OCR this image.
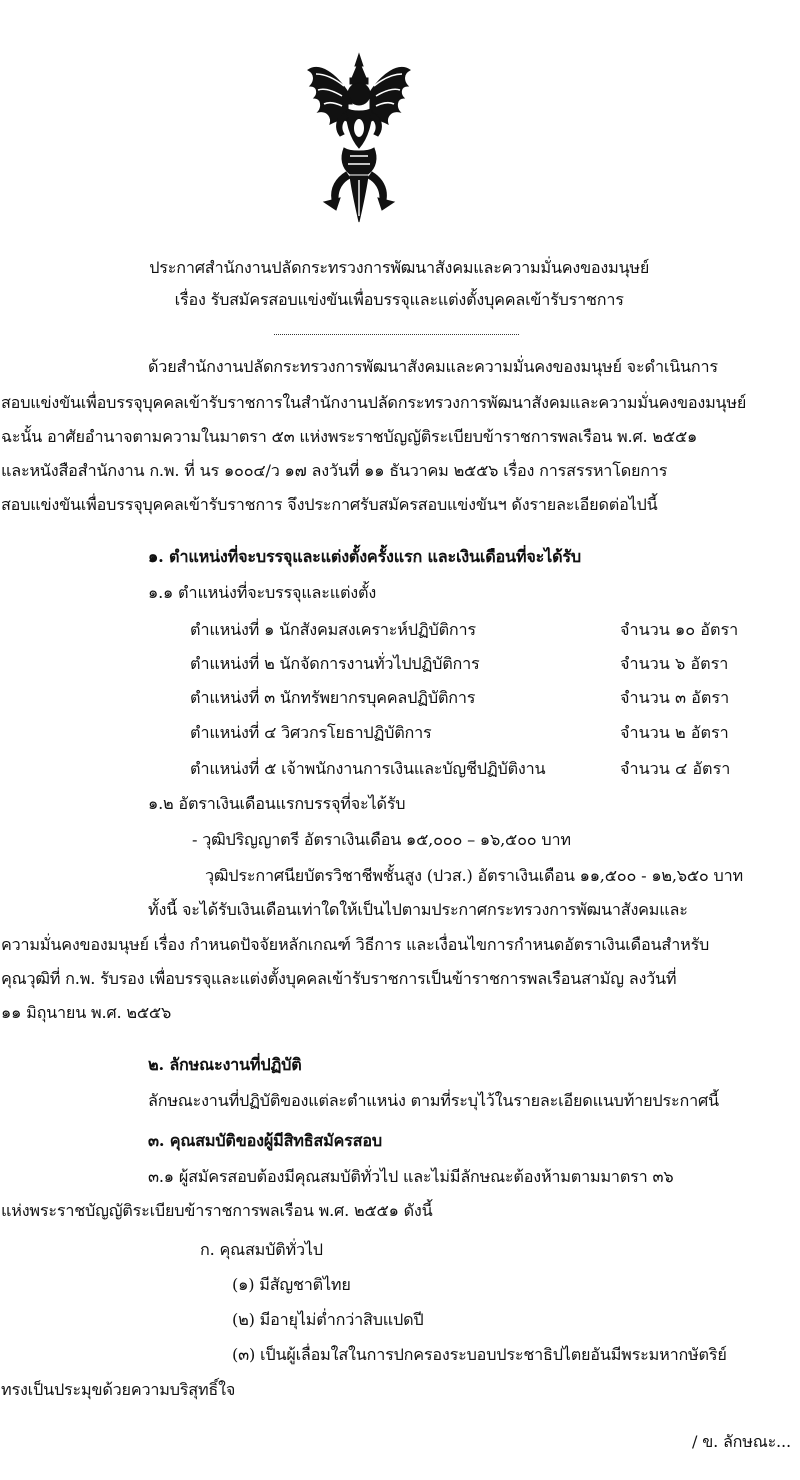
ประกาศสำนักงานปลัดกระทรวงการพัฒนาสังคมและความมั่นคงของมนุษย์
เรื่อง รับสมัครสอบแข่งขันเพื่อบรรจุและแต่งตั้งบุคคลเข้ารับราชการ
ด้วยสำนักงานปลัดกระทรวงการพัฒนาสังคมและความมั่นคงของมนุษย์ จะดำเนินการ
สอบแข่งขันเพื่อบรรจุบุคคลเข้ารับราชการในสำนักงานปลัดกระทรวงการพัฒนาสังคมและความมั่นคงของมนุษย์
ฉะนั้น อาศัยอำนาจตามความในมาตรา ๕๓ แห่งพระราชบัญญัติระเบียบข้าราชการพลเรือน พ.ศ. ๒๕๕๑
และหนังสือสำนักงาน ก.พ. ที่ นร ๑๐๐๔/ว ๑๗ ลงวันที่ ๑๑ ธันวาคม ๒๕๕๖ เรื่อง การสรรหาโดยการ
สอบแข่งขันเพื่อบรรจุบุคคลเข้ารับราชการ จึงประกาศรับสมัครสอบแข่งขันฯ ดังรายละเอียดต่อไปนี้
๑. ตำแหน่งที่จะบรรจุและแต่งตั้งครั้งแรก และเงินเดือนที่จะได้รับ
๑.๑ ตำแหน่งที่จะบรรจุและแต่งตั้ง
ตำแหน่งที่ ๑ นักสังคมสงเคราะห์ปฏิบัติการ	จำนวน ๑๐ อัตรา
ตำแหน่งที่ ๒ นักจัดการงานทั่วไปปฏิบัติการ	จำนวน ๖ อัตรา
ตำแหน่งที่ ๓ นักทรัพยากรบุคคลปฏิบัติการ	จำนวน ๓ อัตรา
ตำแหน่งที่ ๔ วิศวกรโยธาปฏิบัติการ	จำนวน ๒ อัตรา
ตำแหน่งที่ ๕ เจ้าพนักงานการเงินและบัญชีปฏิบัติงาน	จำนวน ๔ อัตรา
๑.๒ อัตราเงินเดือนแรกบรรจุที่จะได้รับ
- วุฒิปริญญาตรี อัตราเงินเดือน ๑๕,๐๐๐ – ๑๖,๕๐๐ บาท
วุฒิประกาศนียบัตรวิชาชีพชั้นสูง (ปวส.) อัตราเงินเดือน ๑๑,๕๐๐ - ๑๒,๖๕๐ บาท
ทั้งนี้ จะได้รับเงินเดือนเท่าใดให้เป็นไปตามประกาศกระทรวงการพัฒนาสังคมและ
ความมั่นคงของมนุษย์ เรื่อง กำหนดปัจจัยหลักเกณฑ์ วิธีการ และเงื่อนไขการกำหนดอัตราเงินเดือนสำหรับ
คุณวุฒิที่ ก.พ. รับรอง เพื่อบรรจุและแต่งตั้งบุคคลเข้ารับราชการเป็นข้าราชการพลเรือนสามัญ ลงวันที่
๑๑ มิถุนายน พ.ศ. ๒๕๕๖
๒. ลักษณะงานที่ปฏิบัติ
ลักษณะงานที่ปฏิบัติของแต่ละตำแหน่ง ตามที่ระบุไว้ในรายละเอียดแนบท้ายประกาศนี้
๓. คุณสมบัติของผู้มีสิทธิสมัครสอบ
๓.๑ ผู้สมัครสอบต้องมีคุณสมบัติทั่วไป และไม่มีลักษณะต้องห้ามตามมาตรา ๓๖
แห่งพระราชบัญญัติระเบียบข้าราชการพลเรือน พ.ศ. ๒๕๕๑ ดังนี้
ก. คุณสมบัติทั่วไป
(๑) มีสัญชาติไทย
(๒) มีอายุไม่ต่ำกว่าสิบแปดปี
(๓) เป็นผู้เลื่อมใสในการปกครองระบอบประชาธิปไตยอันมีพระมหากษัตริย์
ทรงเป็นประมุขด้วยความบริสุทธิ์ใจ
/ ข. ลักษณะ...
